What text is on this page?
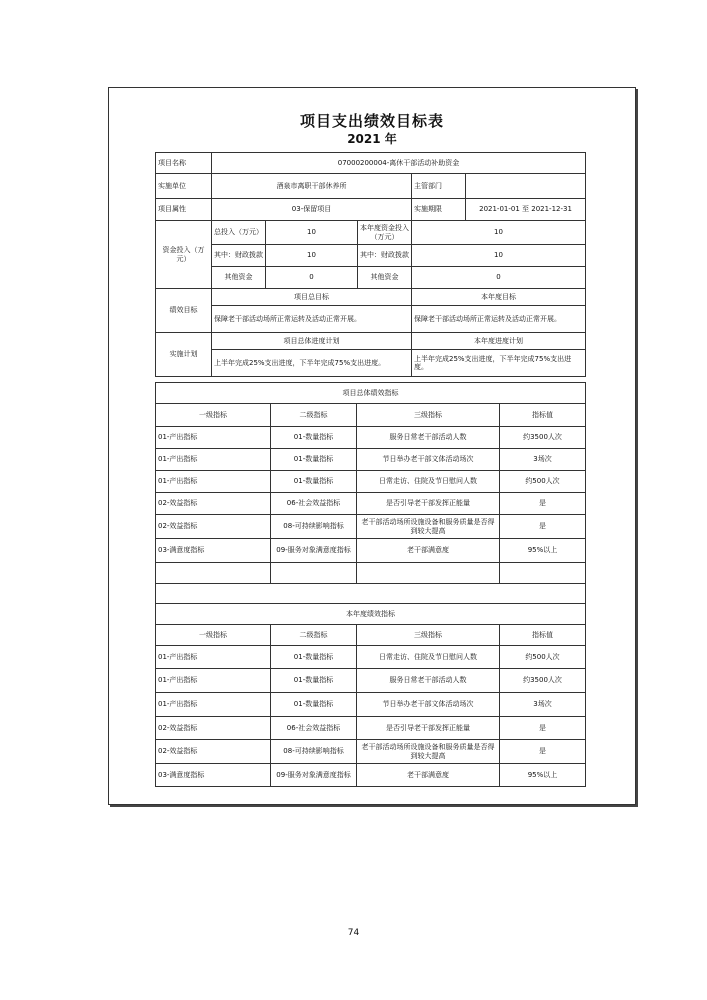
项目支出绩效目标表
2021 年
项目名称	07000200004-离休干部活动补助资金				
实施单位	酒泉市离职干部休养所			主管部门	
项目属性	03-保留项目			实施期限	2021-01-01 至 2021-12-31
资金投入（万元）	总投入（万元）	10	本年度资金投入（万元）	10	
	其中：财政拨款	10	其中：财政拨款	10	
	其他资金	0	其他资金	0	
绩效目标	项目总目标			本年度目标	
	保障老干部活动场所正常运转及活动正常开展。			保障老干部活动场所正常运转及活动正常开展。	
实施计划	项目总体进度计划			本年度进度计划	
	上半年完成25%支出进度，下半年完成75%支出进度。			上半年完成25%支出进度，下半年完成75%支出进度。	
项目总体绩效指标			
一级指标	二级指标	三级指标	指标值
01-产出指标	01-数量指标	服务日常老干部活动人数	约3500人次
01-产出指标	01-数量指标	节日举办老干部文体活动场次	3场次
01-产出指标	01-数量指标	日常走访、住院及节日慰问人数	约500人次
02-效益指标	06-社会效益指标	是否引导老干部发挥正能量	是
02-效益指标	08-可持续影响指标	老干部活动场所设施设备和服务质量是否得到较大提高	是
03-满意度指标	09-服务对象满意度指标	老干部满意度	95%以上

本年度绩效指标			
一级指标	二级指标	三级指标	指标值
01-产出指标	01-数量指标	日常走访、住院及节日慰问人数	约500人次
01-产出指标	01-数量指标	服务日常老干部活动人数	约3500人次
01-产出指标	01-数量指标	节日举办老干部文体活动场次	3场次
02-效益指标	06-社会效益指标	是否引导老干部发挥正能量	是
02-效益指标	08-可持续影响指标	老干部活动场所设施设备和服务质量是否得到较大提高	是
03-满意度指标	09-服务对象满意度指标	老干部满意度	95%以上
74
